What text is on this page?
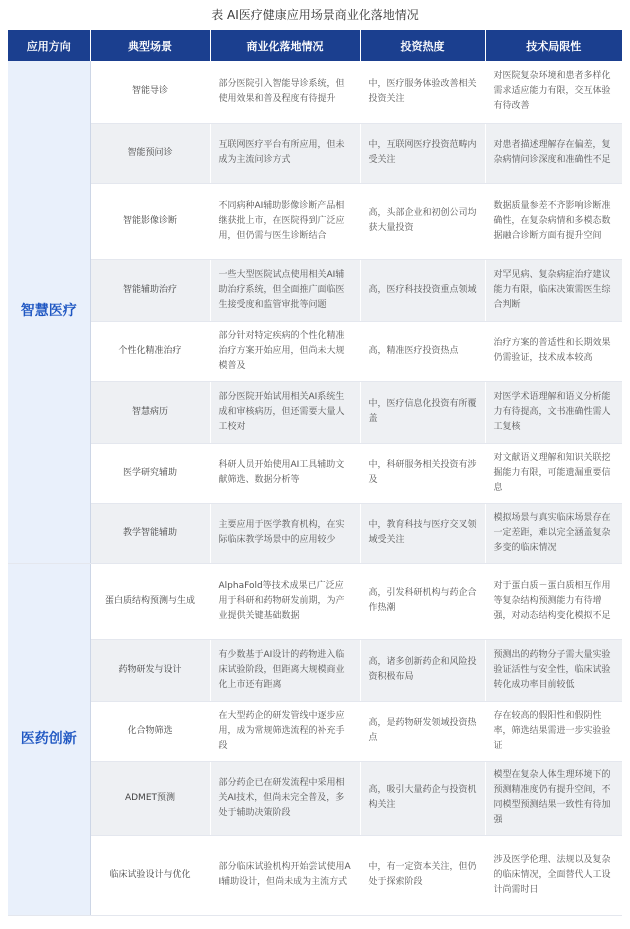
表 AI医疗健康应用场景商业化落地情况
应用方向	典型场景	商业化落地情况	投资热度	技术局限性
智慧医疗	智能导诊	部分医院引入智能导诊系统，但使用效果和普及程度有待提升	中，医疗服务体验改善相关投资关注	对医院复杂环境和患者多样化需求适应能力有限，交互体验有待改善
	智能预问诊	互联网医疗平台有所应用，但未成为主流问诊方式	中，互联网医疗投资范畴内受关注	对患者描述理解存在偏差，复杂病情问诊深度和准确性不足
	智能影像诊断	不同病种AI辅助影像诊断产品相继获批上市，在医院得到广泛应用，但仍需与医生诊断结合	高，头部企业和初创公司均获大量投资	数据质量参差不齐影响诊断准确性，在复杂病情和多模态数据融合诊断方面有提升空间
	智能辅助治疗	一些大型医院试点使用相关AI辅助治疗系统，但全面推广面临医生接受度和监管审批等问题	高，医疗科技投资重点领域	对罕见病、复杂病症治疗建议能力有限，临床决策需医生综合判断
	个性化精准治疗	部分针对特定疾病的个性化精准治疗方案开始应用，但尚未大规模普及	高，精准医疗投资热点	治疗方案的普适性和长期效果仍需验证，技术成本较高
	智慧病历	部分医院开始试用相关AI系统生成和审核病历，但还需要大量人工校对	中，医疗信息化投资有所覆盖	对医学术语理解和语义分析能力有待提高，文书准确性需人工复核
	医学研究辅助	科研人员开始使用AI工具辅助文献筛选、数据分析等	中，科研服务相关投资有涉及	对文献语义理解和知识关联挖掘能力有限，可能遗漏重要信息
	教学智能辅助	主要应用于医学教育机构，在实际临床教学场景中的应用较少	中，教育科技与医疗交叉领域受关注	模拟场景与真实临床场景存在一定差距，难以完全涵盖复杂多变的临床情况
医药创新	蛋白质结构预测与生成	AlphaFold等技术成果已广泛应用于科研和药物研发前期，为产业提供关键基础数据	高，引发科研机构与药企合作热潮	对于蛋白质－蛋白质相互作用等复杂结构预测能力有待增强，对动态结构变化模拟不足
	药物研发与设计	有少数基于AI设计的药物进入临床试验阶段，但距离大规模商业化上市还有距离	高，诸多创新药企和风险投资积极布局	预测出的药物分子需大量实验验证活性与安全性，临床试验转化成功率目前较低
	化合物筛选	在大型药企的研发管线中逐步应用，成为常规筛选流程的补充手段	高，是药物研发领域投资热点	存在较高的假阳性和假阴性率，筛选结果需进一步实验验证
	ADMET预测	部分药企已在研发流程中采用相关AI技术，但尚未完全普及，多处于辅助决策阶段	高，吸引大量药企与投资机构关注	模型在复杂人体生理环境下的预测精准度仍有提升空间，不同模型预测结果一致性有待加强
	临床试验设计与优化	部分临床试验机构开始尝试使用AI辅助设计，但尚未成为主流方式	中，有一定资本关注，但仍处于探索阶段	涉及医学伦理、法规以及复杂的临床情况，全面替代人工设计尚需时日
